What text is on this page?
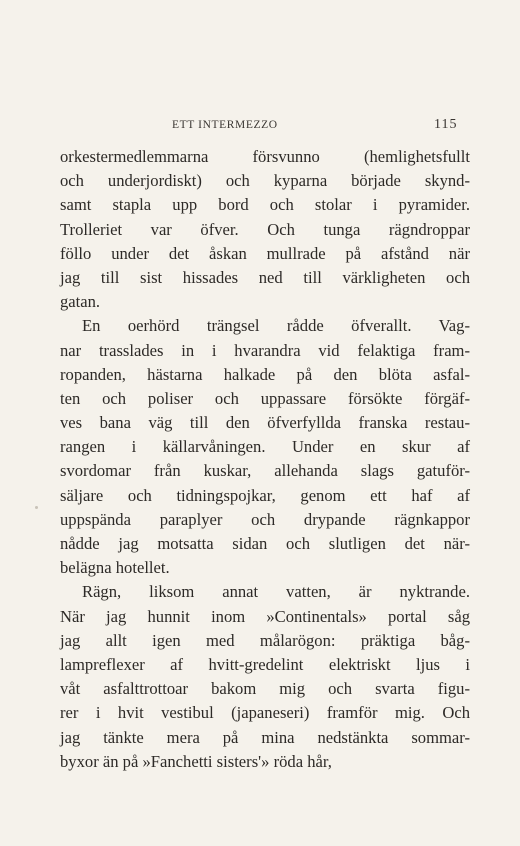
ETT INTERMEZZO	115
orkestermedlemmarna försvunno (hemlighetsfullt
och underjordiskt) och kyparna började skynd-
samt stapla upp bord och stolar i pyramider.
Trolleriet var öfver. Och tunga rägndroppar
föllo under det åskan mullrade på afstånd när
jag till sist hissades ned till värkligheten och
gatan.
En oerhörd trängsel rådde öfverallt. Vag-
nar trasslades in i hvarandra vid felaktiga fram-
ropanden, hästarna halkade på den blöta asfal-
ten och poliser och uppassare försökte förgäf-
ves bana väg till den öfverfyllda franska restau-
rangen i källarvåningen. Under en skur af
svordomar från kuskar, allehanda slags gatuför-
säljare och tidningspojkar, genom ett haf af
uppspända paraplyer och drypande rägnkappor
nådde jag motsatta sidan och slutligen det när-
belägna hotellet.
Rägn, liksom annat vatten, är nyktrande.
När jag hunnit inom »Continentals» portal såg
jag allt igen med målarögon: präktiga båg-
lampreflexer af hvitt-gredelint elektriskt ljus i
våt asfalttrottoar bakom mig och svarta figu-
rer i hvit vestibul (japaneseri) framför mig. Och
jag tänkte mera på mina nedstänkta sommar-
byxor än på »Fanchetti sisters'» röda hår,
